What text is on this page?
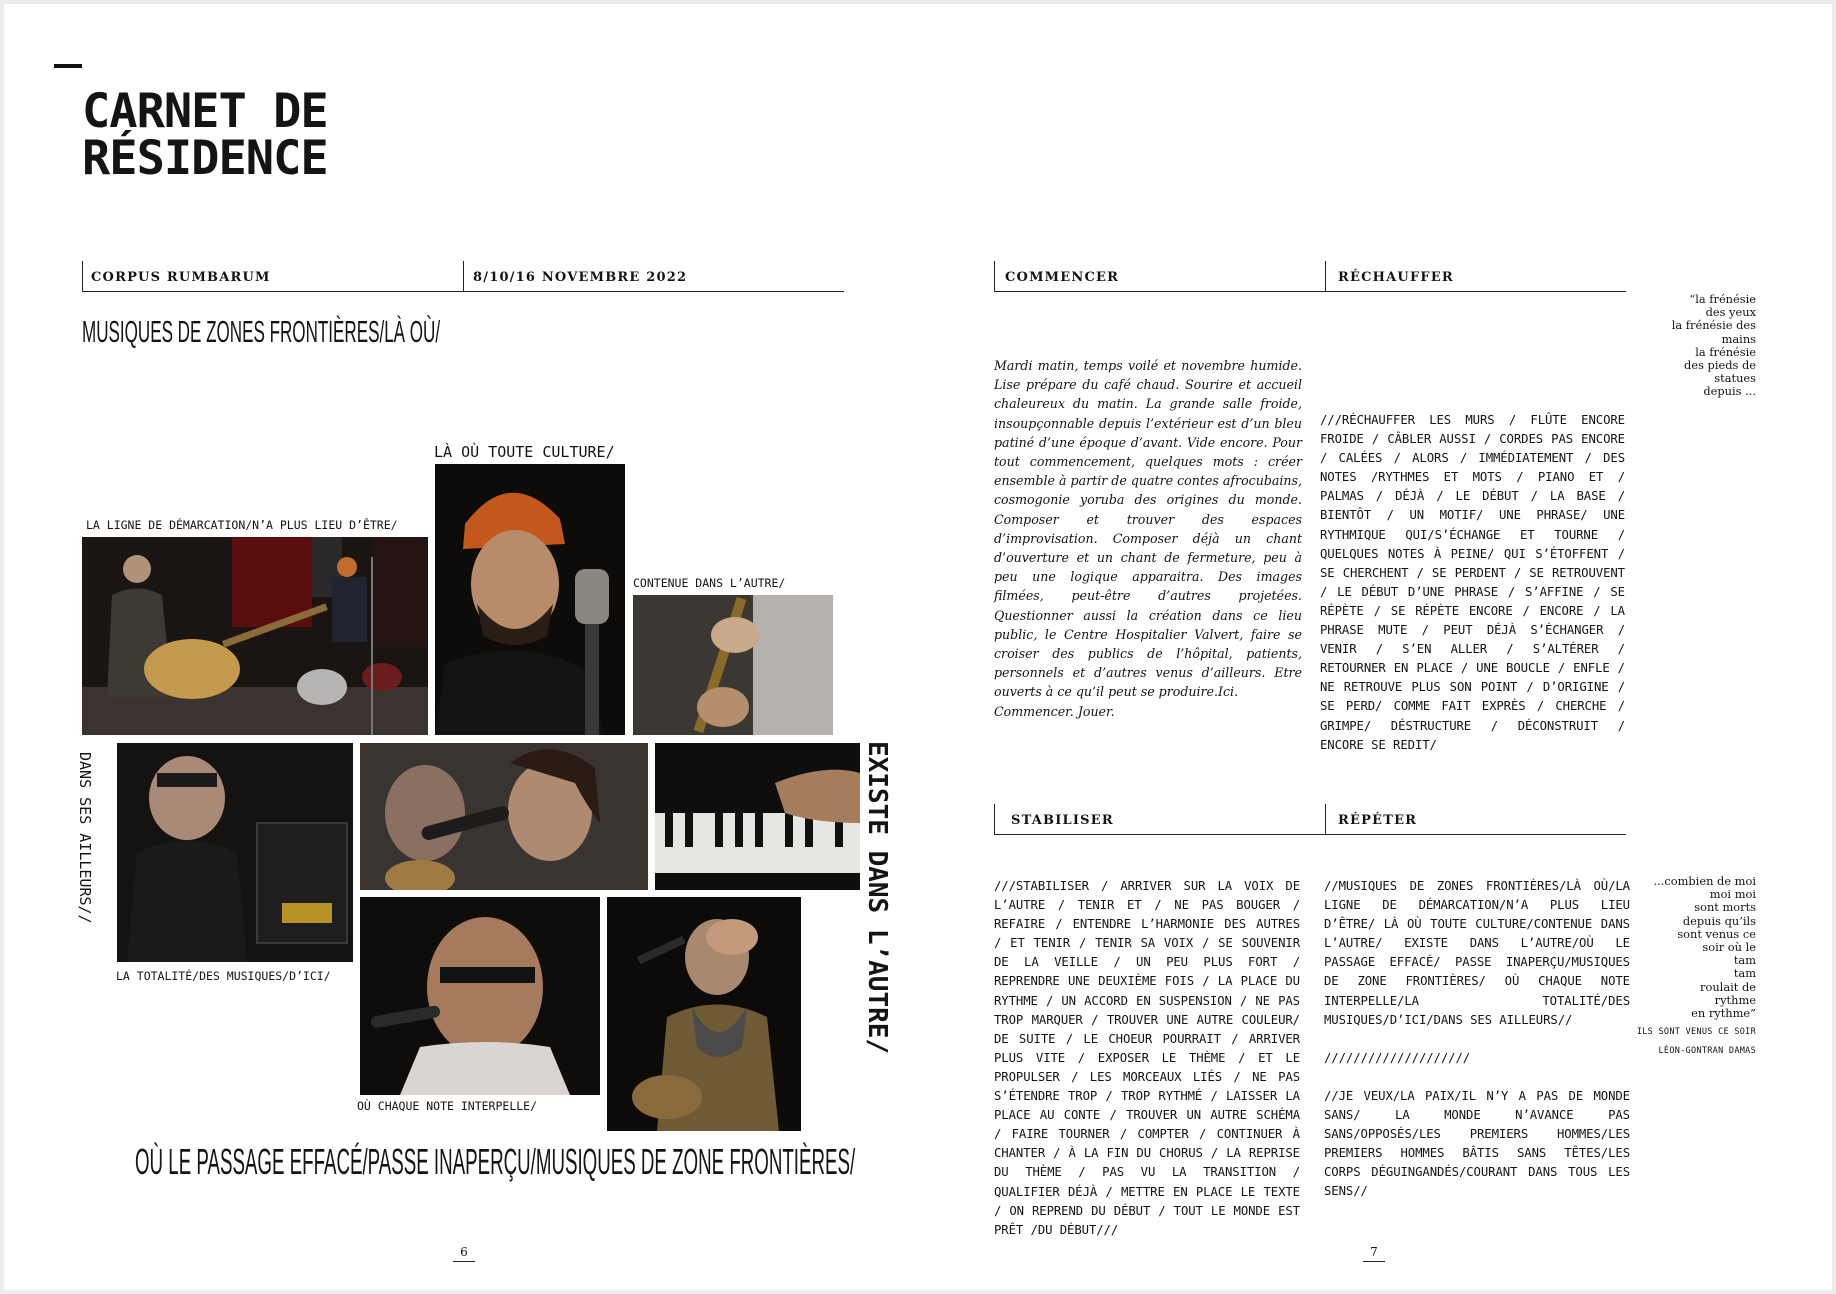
CARNET DE
RÉSIDENCE
CORPUS RUMBARUM	8/10/16 NOVEMBRE 2022
MUSIQUES DE ZONES FRONTIÈRES/LÀ OÙ/
LÀ OÙ TOUTE CULTURE/
LA LIGNE DE DÉMARCATION/N’A PLUS LIEU D’ÊTRE/
CONTENUE DANS L’AUTRE/
LA TOTALITÉ/DES MUSIQUES/D’ICI/
OÙ CHAQUE NOTE INTERPELLE/
DANS SES AILLEURS//	EXISTE DANS L’AUTRE/
OÙ LE PASSAGE EFFACÉ/PASSE INAPERÇU/MUSIQUES DE ZONE FRONTIÈRES/
6
COMMENCER	RÉCHAUFFER
Mardi matin, temps voilé et novembre humide. Lise prépare du café chaud. Sourire et accueil chaleureux du matin. La grande salle froide, insoupçonnable depuis l’extérieur est d’un bleu patiné d’une époque d’avant. Vide encore. Pour tout commencement, quelques mots : créer ensemble à partir de quatre contes afrocubains, cosmogonie yoruba des origines du monde. Composer et trouver des espaces d’improvisation. Composer déjà un chant d’ouverture et un chant de fermeture, peu à peu une logique apparaitra. Des images filmées, peut-être d’autres projetées. Questionner aussi la création dans ce lieu public, le Centre Hospitalier Valvert, faire se croiser des publics de l’hôpital, patients, personnels et d’autres venus d’ailleurs. Etre ouverts à ce qu’il peut se produire.Ici.
Commencer. Jouer.
///RÉCHAUFFER LES MURS / FLÛTE ENCORE FROIDE / CÂBLER AUSSI / CORDES PAS ENCORE / CALÉES / ALORS / IMMÉDIATEMENT / DES NOTES /RYTHMES ET MOTS / PIANO ET / PALMAS / DÉJÀ / LE DÉBUT / LA BASE / BIENTÔT / UN MOTIF/ UNE PHRASE/ UNE RYTHMIQUE QUI/S’ÉCHANGE ET TOURNE / QUELQUES NOTES À PEINE/ QUI S’ÉTOFFENT / SE CHERCHENT / SE PERDENT / SE RETROUVENT / LE DÉBUT D’UNE PHRASE / S’AFFINE / SE RÉPÈTE / SE RÉPÈTE ENCORE / ENCORE / LA PHRASE MUTE / PEUT DÉJÀ S’ÉCHANGER / VENIR / S’EN ALLER / S’ALTÉRER / RETOURNER EN PLACE / UNE BOUCLE / ENFLE / NE RETROUVE PLUS SON POINT / D’ORIGINE / SE PERD/ COMME FAIT EXPRÈS / CHERCHE / GRIMPE/ DÉSTRUCTURE / DÉCONSTRUIT / ENCORE SE REDIT/
“la frénésie
des yeux
la frénésie des
mains
la frénésie
des pieds de
statues
depuis ...
STABILISER	RÉPÉTER
///STABILISER / ARRIVER SUR LA VOIX DE L’AUTRE / TENIR ET / NE PAS BOUGER / REFAIRE / ENTENDRE L’HARMONIE DES AUTRES / ET TENIR / TENIR SA VOIX / SE SOUVENIR DE LA VEILLE / UN PEU PLUS FORT / REPRENDRE UNE DEUXIÈME FOIS / LA PLACE DU RYTHME / UN ACCORD EN SUSPENSION / NE PAS TROP MARQUER / TROUVER UNE AUTRE COULEUR/ DE SUITE / LE CHOEUR POURRAIT / ARRIVER PLUS VITE / EXPOSER LE THÈME / ET LE PROPULSER / LES MORCEAUX LIÉS / NE PAS S’ÉTENDRE TROP / TROP RYTHMÉ / LAISSER LA PLACE AU CONTE / TROUVER UN AUTRE SCHÉMA / FAIRE TOURNER / COMPTER / CONTINUER À CHANTER / À LA FIN DU CHORUS / LA REPRISE DU THÈME / PAS VU LA TRANSITION / QUALIFIER DÉJÀ / METTRE EN PLACE LE TEXTE / ON REPREND DU DÉBUT / TOUT LE MONDE EST PRÊT /DU DÉBUT///
//MUSIQUES DE ZONES FRONTIÈRES/LÀ OÙ/LA LIGNE DE DÉMARCATION/N’A PLUS LIEU D’ÊTRE/ LÀ OÙ TOUTE CULTURE/CONTENUE DANS L’AUTRE/ EXISTE DANS L’AUTRE/OÙ LE PASSAGE EFFACÉ/ PASSE INAPERÇU/MUSIQUES DE ZONE FRONTIÈRES/ OÙ CHAQUE NOTE INTERPELLE/LA TOTALITÉ/DES MUSIQUES/D’ICI/DANS SES AILLEURS//
////////////////////
//JE VEUX/LA PAIX/IL N’Y A PAS DE MONDE SANS/ LA MONDE N’AVANCE PAS SANS/OPPOSÉS/LES PREMIERS HOMMES/LES PREMIERS HOMMES BÂTIS SANS TÊTES/LES CORPS DÉGUINGANDÉS/COURANT DANS TOUS LES SENS//
...combien de moi
moi moi
sont morts
depuis qu’ils
sont venus ce
soir où le
tam
tam
roulait de
rythme
en rythme”
ILS SONT VENUS CE SOIR
LÉON-GONTRAN DAMAS
7
